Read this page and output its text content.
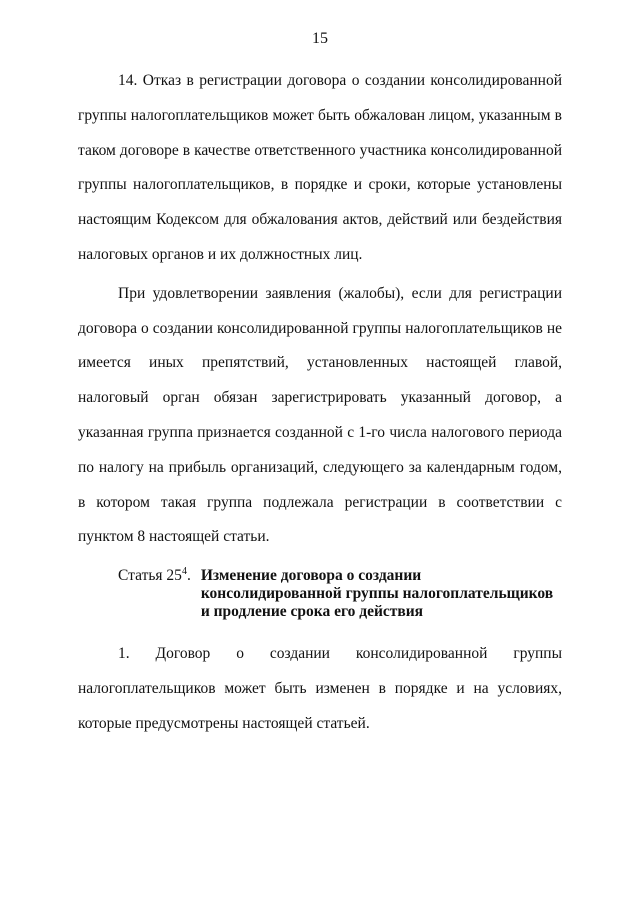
15

14. Отказ в регистрации договора о создании консолидированной группы налогоплательщиков может быть обжалован лицом, указанным в таком договоре в качестве ответственного участника консолидированной группы налогоплательщиков, в порядке и сроки, которые установлены настоящим Кодексом для обжалования актов, действий или бездействия налоговых органов и их должностных лиц.

При удовлетворении заявления (жалобы), если для регистрации договора о создании консолидированной группы налогоплательщиков не имеется иных препятствий, установленных настоящей главой, налоговый орган обязан зарегистрировать указанный договор, а указанная группа признается созданной с 1-го числа налогового периода по налогу на прибыль организаций, следующего за календарным годом, в котором такая группа подлежала регистрации в соответствии с пунктом 8 настоящей статьи.

Статья $25^4$. Изменение договора о создании консолидированной группы налогоплательщиков и продление срока его действия

1. Договор о создании консолидированной группы налогоплательщиков может быть изменен в порядке и на условиях, которые предусмотрены настоящей статьей.
